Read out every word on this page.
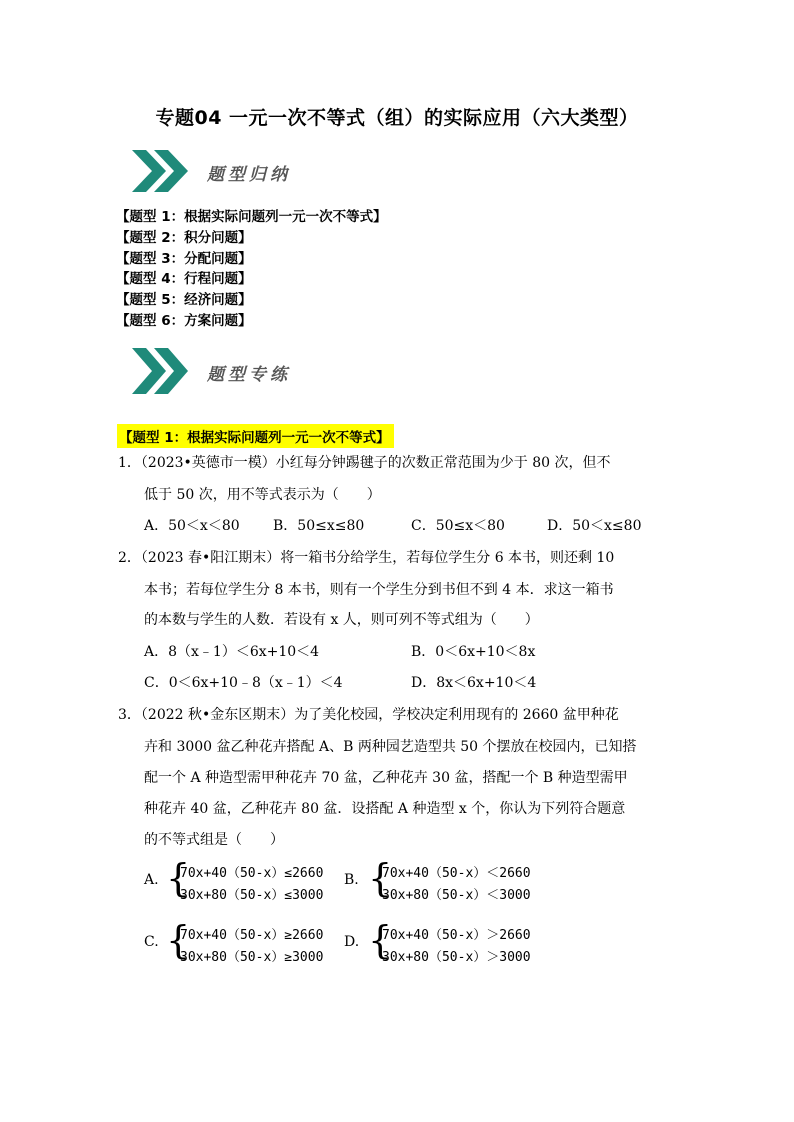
专题04 一元一次不等式（组）的实际应用（六大类型）
题型归纳
【题型 1：根据实际问题列一元一次不等式】
【题型 2：积分问题】
【题型 3：分配问题】
【题型 4：行程问题】
【题型 5：经济问题】
【题型 6：方案问题】
题型专练
【题型 1：根据实际问题列一元一次不等式】
1．（2023•英德市一模）小红每分钟踢毽子的次数正常范围为少于 80 次，但不
低于 50 次，用不等式表示为（　　）
A．50＜x＜80 B．50≤x≤80	C．50≤x＜80	D．50＜x≤80
2．（2023 春•阳江期末）将一箱书分给学生，若每位学生分 6 本书，则还剩 10
本书；若每位学生分 8 本书，则有一个学生分到书但不到 4 本．求这一箱书
的本数与学生的人数．若设有 x 人，则可列不等式组为（　　）
A．8（x﹣1）＜6x+10＜4	B．0＜6x+10＜8x
C．0＜6x+10﹣8（x﹣1）＜4	D．8x＜6x+10＜4
3．（2022 秋•金东区期末）为了美化校园，学校决定利用现有的 2660 盆甲种花
卉和 3000 盆乙种花卉搭配 A、B 两种园艺造型共 50 个摆放在校园内，已知搭
配一个 A 种造型需甲种花卉 70 盆，乙种花卉 30 盆，搭配一个 B 种造型需甲
种花卉 40 盆，乙种花卉 80 盆．设搭配 A 种造型 x 个，你认为下列符合题意
的不等式组是（　　）
A. {
70x+40（50-x）≤2660
30x+80（50-x）≤3000
B. {
70x+40（50-x）＜2660
30x+80（50-x）＜3000
C. {
70x+40（50-x）≥2660
30x+80（50-x）≥3000
D. {
70x+40（50-x）＞2660
30x+80（50-x）＞3000
